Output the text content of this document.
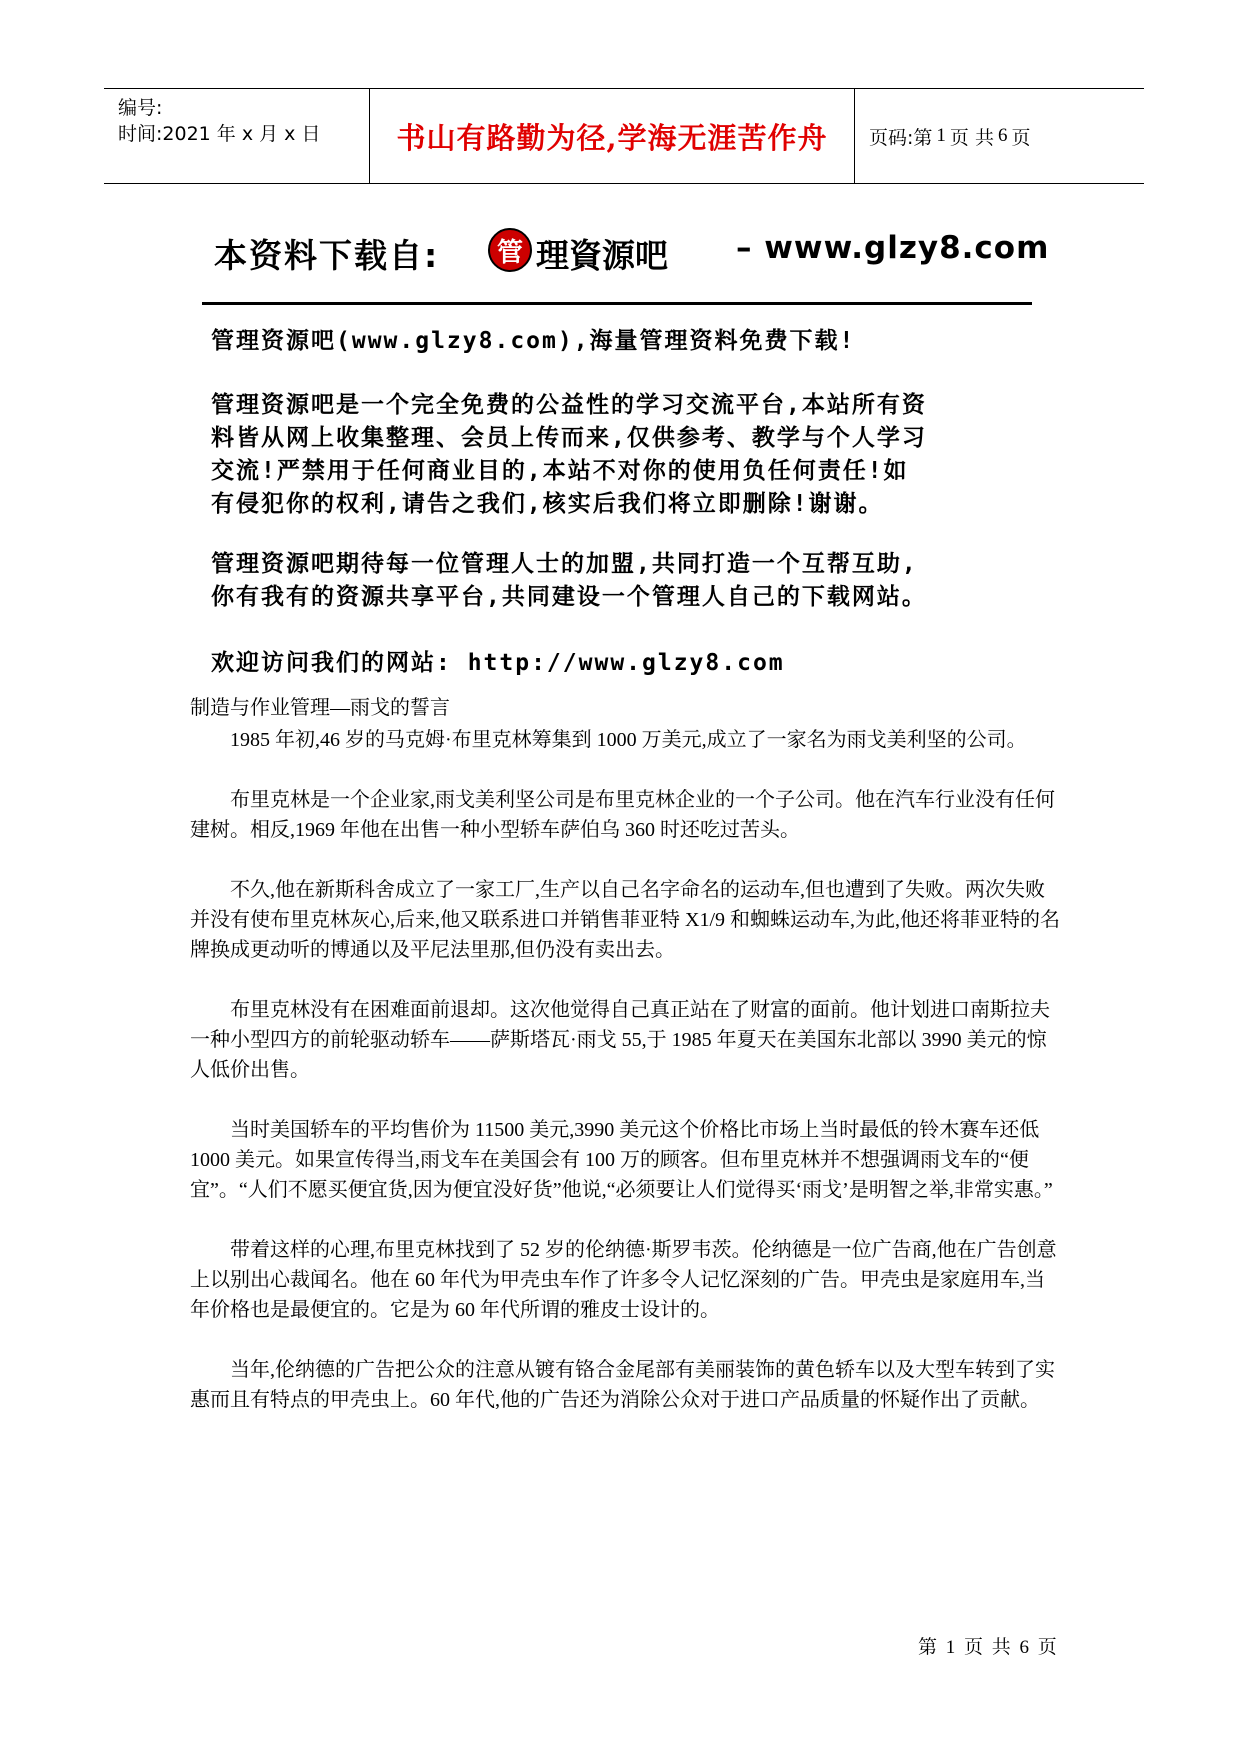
编号:
时间:2021 年 x 月 x 日	书山有路勤为径,学海无涯苦作舟 页码:第 1 页 共 6 页
本资料下载自: 管 理資源吧 – www.glzy8.com
管理资源吧(www.glzy8.com),海量管理资料免费下载!
管理资源吧是一个完全免费的公益性的学习交流平台,本站所有资
料皆从网上收集整理、会员上传而来,仅供参考、教学与个人学习
交流!严禁用于任何商业目的,本站不对你的使用负任何责任!如
有侵犯你的权利,请告之我们,核实后我们将立即删除!谢谢。
管理资源吧期待每一位管理人士的加盟,共同打造一个互帮互助,
你有我有的资源共享平台,共同建设一个管理人自己的下载网站。
欢迎访问我们的网站: http://www.glzy8.com
制造与作业管理—雨戈的誓言

1985 年初,46 岁的马克姆·布里克林筹集到 1000 万美元,成立了一家名为雨戈美利坚的公司。

布里克林是一个企业家,雨戈美利坚公司是布里克林企业的一个子公司。他在汽车行业没有任何建树。相反,1969 年他在出售一种小型轿车萨伯乌 360 时还吃过苦头。

不久,他在新斯科舍成立了一家工厂,生产以自己名字命名的运动车,但也遭到了失败。两次失败并没有使布里克林灰心,后来,他又联系进口并销售菲亚特 X1/9 和蜘蛛运动车,为此,他还将菲亚特的名牌换成更动听的博通以及平尼法里那,但仍没有卖出去。

布里克林没有在困难面前退却。这次他觉得自己真正站在了财富的面前。他计划进口南斯拉夫一种小型四方的前轮驱动轿车——萨斯塔瓦·雨戈 55,于 1985 年夏天在美国东北部以 3990 美元的惊人低价出售。

当时美国轿车的平均售价为 11500 美元,3990 美元这个价格比市场上当时最低的铃木赛车还低 1000 美元。如果宣传得当,雨戈车在美国会有 100 万的顾客。但布里克林并不想强调雨戈车的“便宜”。“人们不愿买便宜货,因为便宜没好货”他说,“必须要让人们觉得买‘雨戈’是明智之举,非常实惠。”

带着这样的心理,布里克林找到了 52 岁的伦纳德·斯罗韦茨。伦纳德是一位广告商,他在广告创意上以别出心裁闻名。他在 60 年代为甲壳虫车作了许多令人记忆深刻的广告。甲壳虫是家庭用车,当年价格也是最便宜的。它是为 60 年代所谓的雅皮士设计的。

当年,伦纳德的广告把公众的注意从镀有铬合金尾部有美丽装饰的黄色轿车以及大型车转到了实惠而且有特点的甲壳虫上。60 年代,他的广告还为消除公众对于进口产品质量的怀疑作出了贡献。

第 1 页 共 6 页
